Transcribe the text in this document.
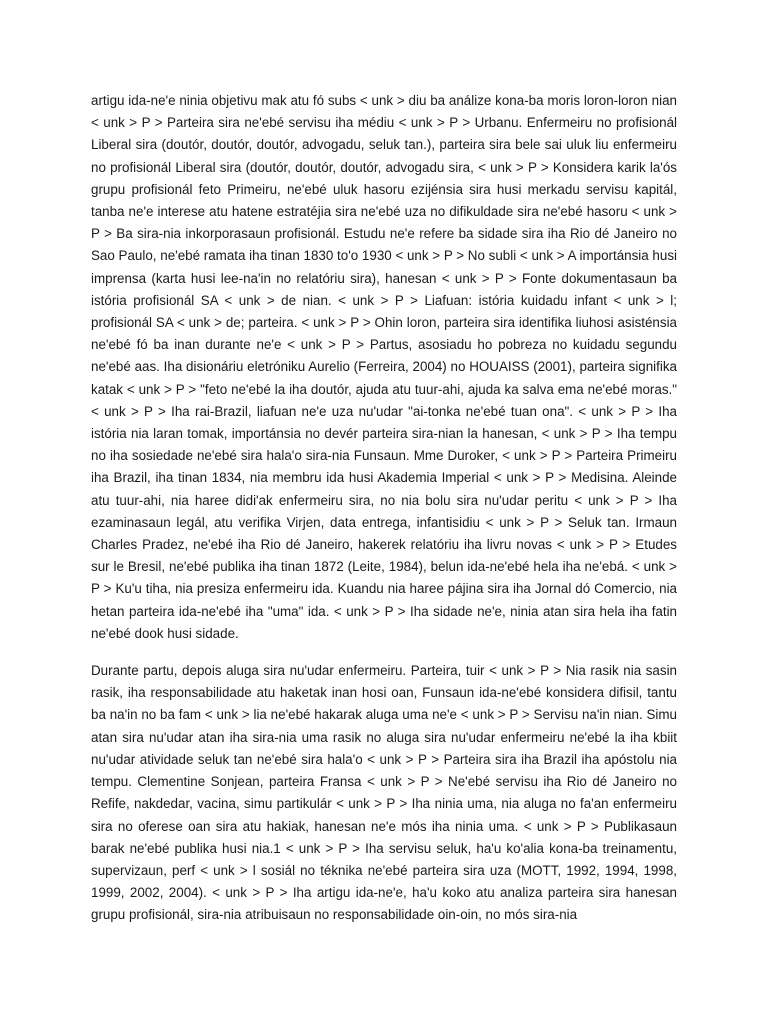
artigu ida-ne'e ninia objetivu mak atu fó subs < unk > diu ba análize kona-ba moris loron-loron nian < unk > P > Parteira sira ne'ebé servisu iha médiu < unk > P > Urbanu. Enfermeiru no profisionál Liberal sira (doutór, doutór, doutór, advogadu, seluk tan.), parteira sira bele sai uluk liu enfermeiru no profisionál Liberal sira (doutór, doutór, doutór, advogadu sira, < unk > P > Konsidera karik la'ós grupu profisionál feto Primeiru, ne'ebé uluk hasoru ezijénsia sira husi merkadu servisu kapitál, tanba ne'e interese atu hatene estratéjia sira ne'ebé uza no difikuldade sira ne'ebé hasoru < unk > P > Ba sira-nia inkorporasaun profisionál. Estudu ne'e refere ba sidade sira iha Rio dé Janeiro no Sao Paulo, ne'ebé ramata iha tinan 1830 to'o 1930 < unk > P > No subli < unk > A importánsia husi imprensa (karta husi lee-na'in no relatóriu sira), hanesan < unk > P > Fonte dokumentasaun ba istória profisionál SA < unk > de nian. < unk > P > Liafuan: istória kuidadu infant < unk > l; profisionál SA < unk > de; parteira. < unk > P > Ohin loron, parteira sira identifika liuhosi asisténsia ne'ebé fó ba inan durante ne'e < unk > P > Partus, asosiadu ho pobreza no kuidadu segundu ne'ebé aas. Iha disionáriu eletróniku Aurelio (Ferreira, 2004) no HOUAISS (2001), parteira signifika katak < unk > P > "feto ne'ebé la iha doutór, ajuda atu tuur-ahi, ajuda ka salva ema ne'ebé moras." < unk > P > Iha rai-Brazil, liafuan ne'e uza nu'udar "ai-tonka ne'ebé tuan ona". < unk > P > Iha istória nia laran tomak, importánsia no devér parteira sira-nian la hanesan, < unk > P > Iha tempu no iha sosiedade ne'ebé sira hala'o sira-nia Funsaun. Mme Duroker, < unk > P > Parteira Primeiru iha Brazil, iha tinan 1834, nia membru ida husi Akademia Imperial < unk > P > Medisina. Aleinde atu tuur-ahi, nia haree didi'ak enfermeiru sira, no nia bolu sira nu'udar peritu < unk > P > Iha ezaminasaun legál, atu verifika Virjen, data entrega, infantisidiu < unk > P > Seluk tan. Irmaun Charles Pradez, ne'ebé iha Rio dé Janeiro, hakerek relatóriu iha livru novas < unk > P > Etudes sur le Bresil, ne'ebé publika iha tinan 1872 (Leite, 1984), belun ida-ne'ebé hela iha ne'ebá. < unk > P > Ku'u tiha, nia presiza enfermeiru ida. Kuandu nia haree pájina sira iha Jornal dó Comercio, nia hetan parteira ida-ne'ebé iha "uma" ida. < unk > P > Iha sidade ne'e, ninia atan sira hela iha fatin ne'ebé dook husi sidade.

Durante partu, depois aluga sira nu'udar enfermeiru. Parteira, tuir < unk > P > Nia rasik nia sasin rasik, iha responsabilidade atu haketak inan hosi oan, Funsaun ida-ne'ebé konsidera difisil, tantu ba na'in no ba fam < unk > lia ne'ebé hakarak aluga uma ne'e < unk > P > Servisu na'in nian. Simu atan sira nu'udar atan iha sira-nia uma rasik no aluga sira nu'udar enfermeiru ne'ebé la iha kbiit nu'udar atividade seluk tan ne'ebé sira hala'o < unk > P > Parteira sira iha Brazil iha apóstolu nia tempu. Clementine Sonjean, parteira Fransa < unk > P > Ne'ebé servisu iha Rio dé Janeiro no Refife, nakdedar, vacina, simu partikulár < unk > P > Iha ninia uma, nia aluga no fa'an enfermeiru sira no oferese oan sira atu hakiak, hanesan ne'e mós iha ninia uma. < unk > P > Publikasaun barak ne'ebé publika husi nia.1 < unk > P > Iha servisu seluk, ha'u ko'alia kona-ba treinamentu, supervizaun, perf < unk > l sosiál no téknika ne'ebé parteira sira uza (MOTT, 1992, 1994, 1998, 1999, 2002, 2004). < unk > P > Iha artigu ida-ne'e, ha'u koko atu analiza parteira sira hanesan grupu profisionál, sira-nia atribuisaun no responsabilidade oin-oin, no mós sira-nia
